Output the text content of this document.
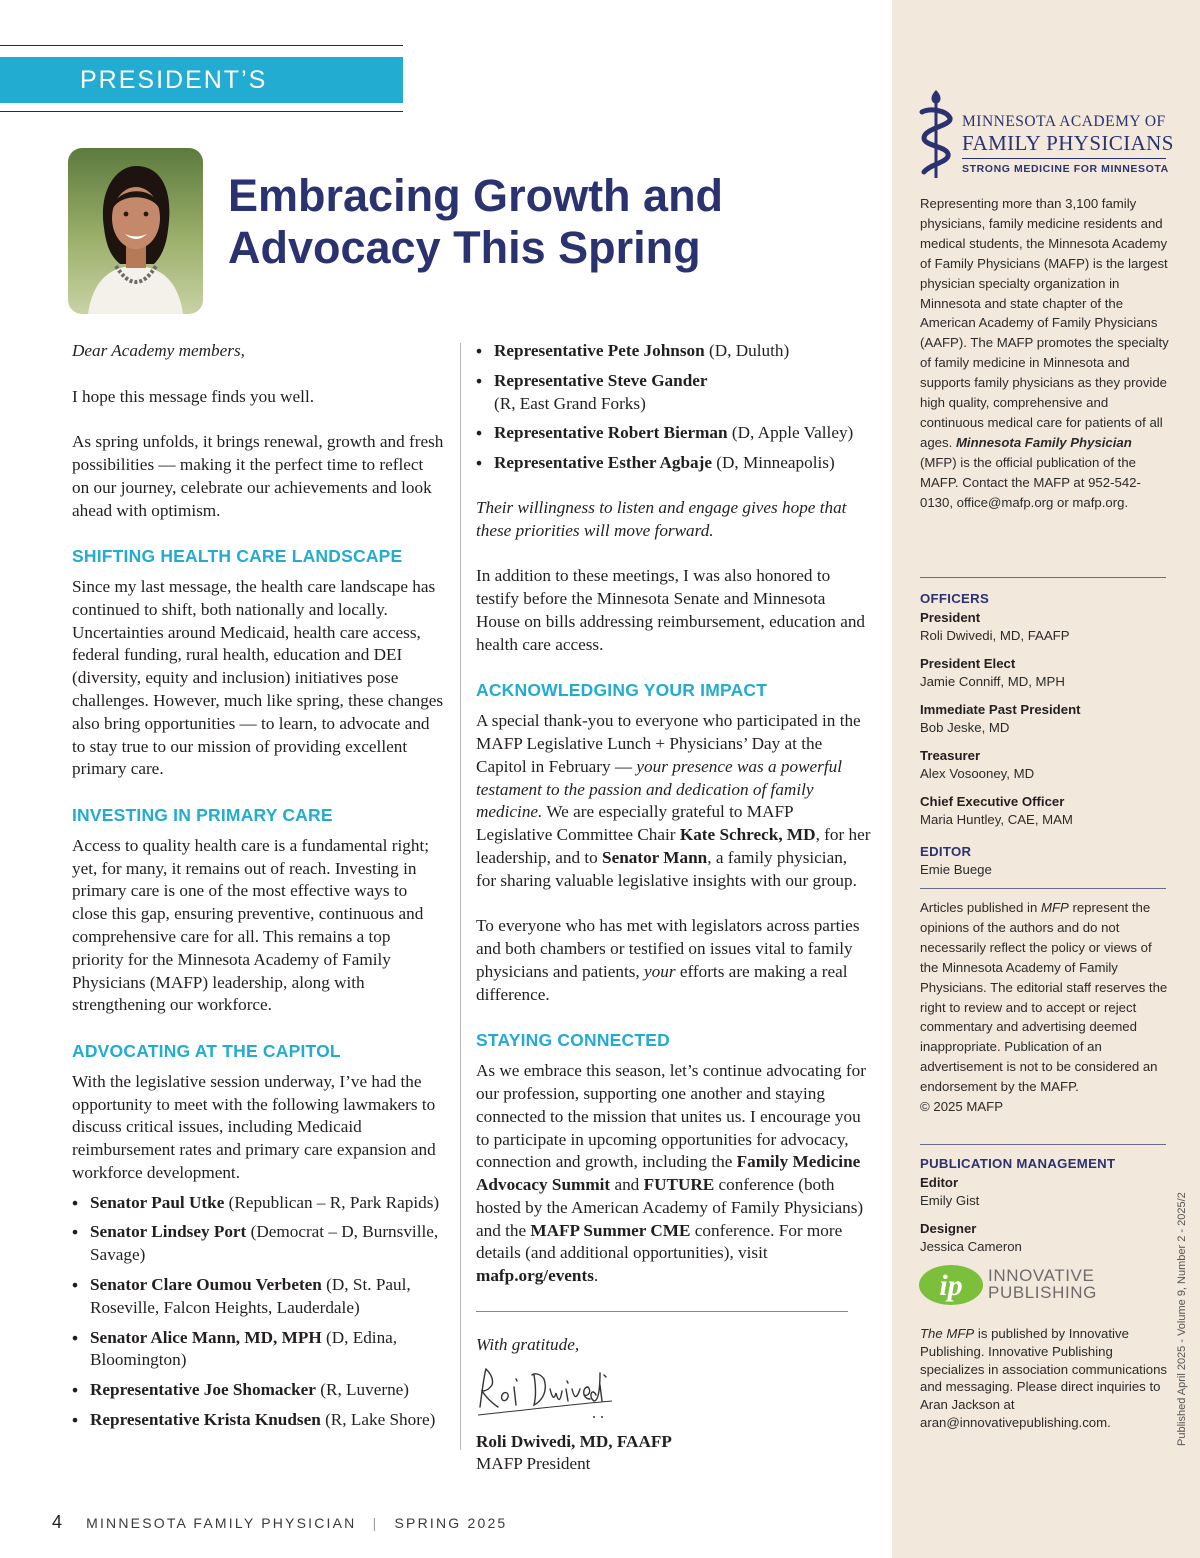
PRESIDENT’S MESSAGE
Embracing Growth and
Advocacy This Spring
Dear Academy members,
I hope this message finds you well.
As spring unfolds, it brings renewal, growth and fresh possibilities — making it the perfect time to reflect on our journey, celebrate our achievements and look ahead with optimism.
SHIFTING HEALTH CARE LANDSCAPE
Since my last message, the health care landscape has continued to shift, both nationally and locally. Uncertainties around Medicaid, health care access, federal funding, rural health, education and DEI (diversity, equity and inclusion) initiatives pose challenges. However, much like spring, these changes also bring opportunities — to learn, to advocate and to stay true to our mission of providing excellent primary care.
INVESTING IN PRIMARY CARE
Access to quality health care is a fundamental right; yet, for many, it remains out of reach. Investing in primary care is one of the most effective ways to close this gap, ensuring preventive, continuous and comprehensive care for all. This remains a top priority for the Minnesota Academy of Family Physicians (MAFP) leadership, along with strengthening our workforce.
ADVOCATING AT THE CAPITOL
With the legislative session underway, I’ve had the opportunity to meet with the following lawmakers to discuss critical issues, including Medicaid reimbursement rates and primary care expansion and workforce development.
• Senator Paul Utke (Republican – R, Park Rapids)
• Senator Lindsey Port (Democrat – D, Burnsville, Savage)
• Senator Clare Oumou Verbeten (D, St. Paul, Roseville, Falcon Heights, Lauderdale)
• Senator Alice Mann, MD, MPH (D, Edina, Bloomington)
• Representative Joe Shomacker (R, Luverne)
• Representative Krista Knudsen (R, Lake Shore)
• Representative Pete Johnson (D, Duluth)
• Representative Steve Gander
(R, East Grand Forks)
• Representative Robert Bierman (D, Apple Valley)
• Representative Esther Agbaje (D, Minneapolis)
Their willingness to listen and engage gives hope that these priorities will move forward.
In addition to these meetings, I was also honored to testify before the Minnesota Senate and Minnesota House on bills addressing reimbursement, education and health care access.
ACKNOWLEDGING YOUR IMPACT
A special thank-you to everyone who participated in the MAFP Legislative Lunch + Physicians’ Day at the Capitol in February — your presence was a powerful testament to the passion and dedication of family medicine. We are especially grateful to MAFP Legislative Committee Chair Kate Schreck, MD, for her leadership, and to Senator Mann, a family physician, for sharing valuable legislative insights with our group.
To everyone who has met with legislators across parties and both chambers or testified on issues vital to family physicians and patients, your efforts are making a real difference.
STAYING CONNECTED
As we embrace this season, let’s continue advocating for our profession, supporting one another and staying connected to the mission that unites us. I encourage you to participate in upcoming opportunities for advocacy, connection and growth, including the Family Medicine Advocacy Summit and FUTURE conference (both hosted by the American Academy of Family Physicians) and the MAFP Summer CME conference. For more details (and additional opportunities), visit mafp.org/events.
With gratitude,
Roli Dwivedi, MD, FAAFP
MAFP President
4 MINNESOTA FAMILY PHYSICIAN | SPRING 2025
MINNESOTA ACADEMY OF
FAMILY PHYSICIANS
STRONG MEDICINE FOR MINNESOTA
Representing more than 3,100 family physicians, family medicine residents and medical students, the Minnesota Academy of Family Physicians (MAFP) is the largest physician specialty organization in Minnesota and state chapter of the American Academy of Family Physicians (AAFP). The MAFP promotes the specialty of family medicine in Minnesota and supports family physicians as they provide high quality, comprehensive and continuous medical care for patients of all ages. Minnesota Family Physician (MFP) is the official publication of the MAFP. Contact the MAFP at 952-542-0130, office@mafp.org or mafp.org.
OFFICERS
President
Roli Dwivedi, MD, FAAFP
President Elect
Jamie Conniff, MD, MPH
Immediate Past President
Bob Jeske, MD
Treasurer
Alex Vosooney, MD
Chief Executive Officer
Maria Huntley, CAE, MAM
EDITOR
Emie Buege
Articles published in MFP represent the opinions of the authors and do not necessarily reflect the policy or views of the Minnesota Academy of Family Physicians. The editorial staff reserves the right to review and to accept or reject commentary and advertising deemed inappropriate. Publication of an advertisement is not to be considered an endorsement by the MAFP.
© 2025 MAFP
PUBLICATION MANAGEMENT
Editor
Emily Gist
Designer
Jessica Cameron
ip INNOVATIVE
PUBLISHING
The MFP is published by Innovative Publishing. Innovative Publishing specializes in association communications and messaging. Please direct inquiries to Aran Jackson at aran@innovativepublishing.com.	Published April 2025 - Volume 9, Number 2 - 2025/2
